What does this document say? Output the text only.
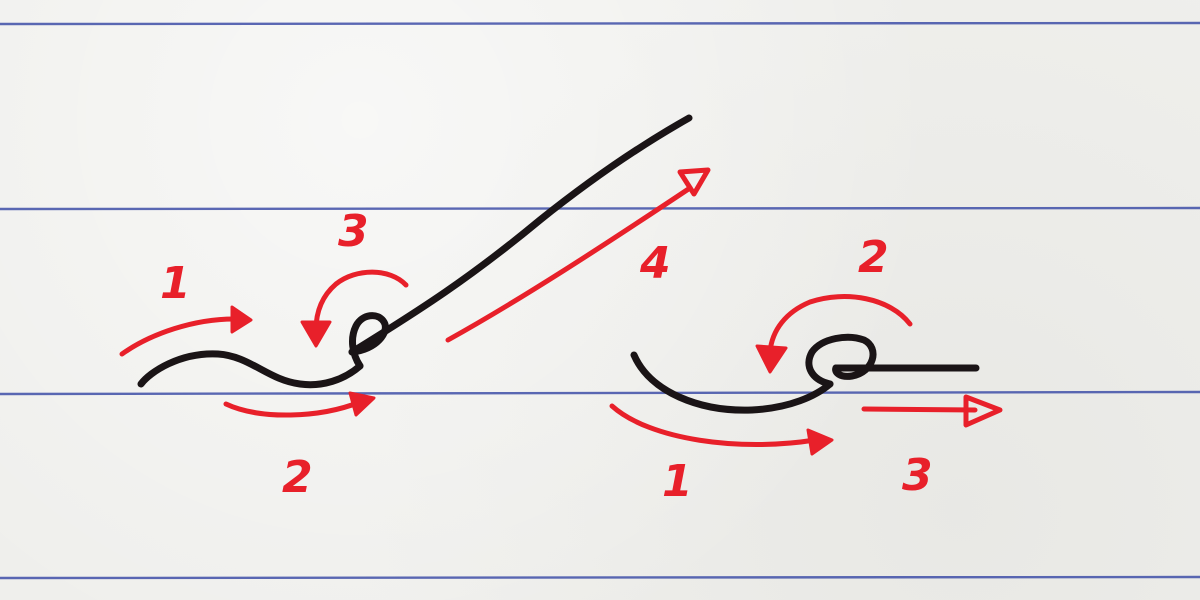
1
2
3
4
1
2
3
